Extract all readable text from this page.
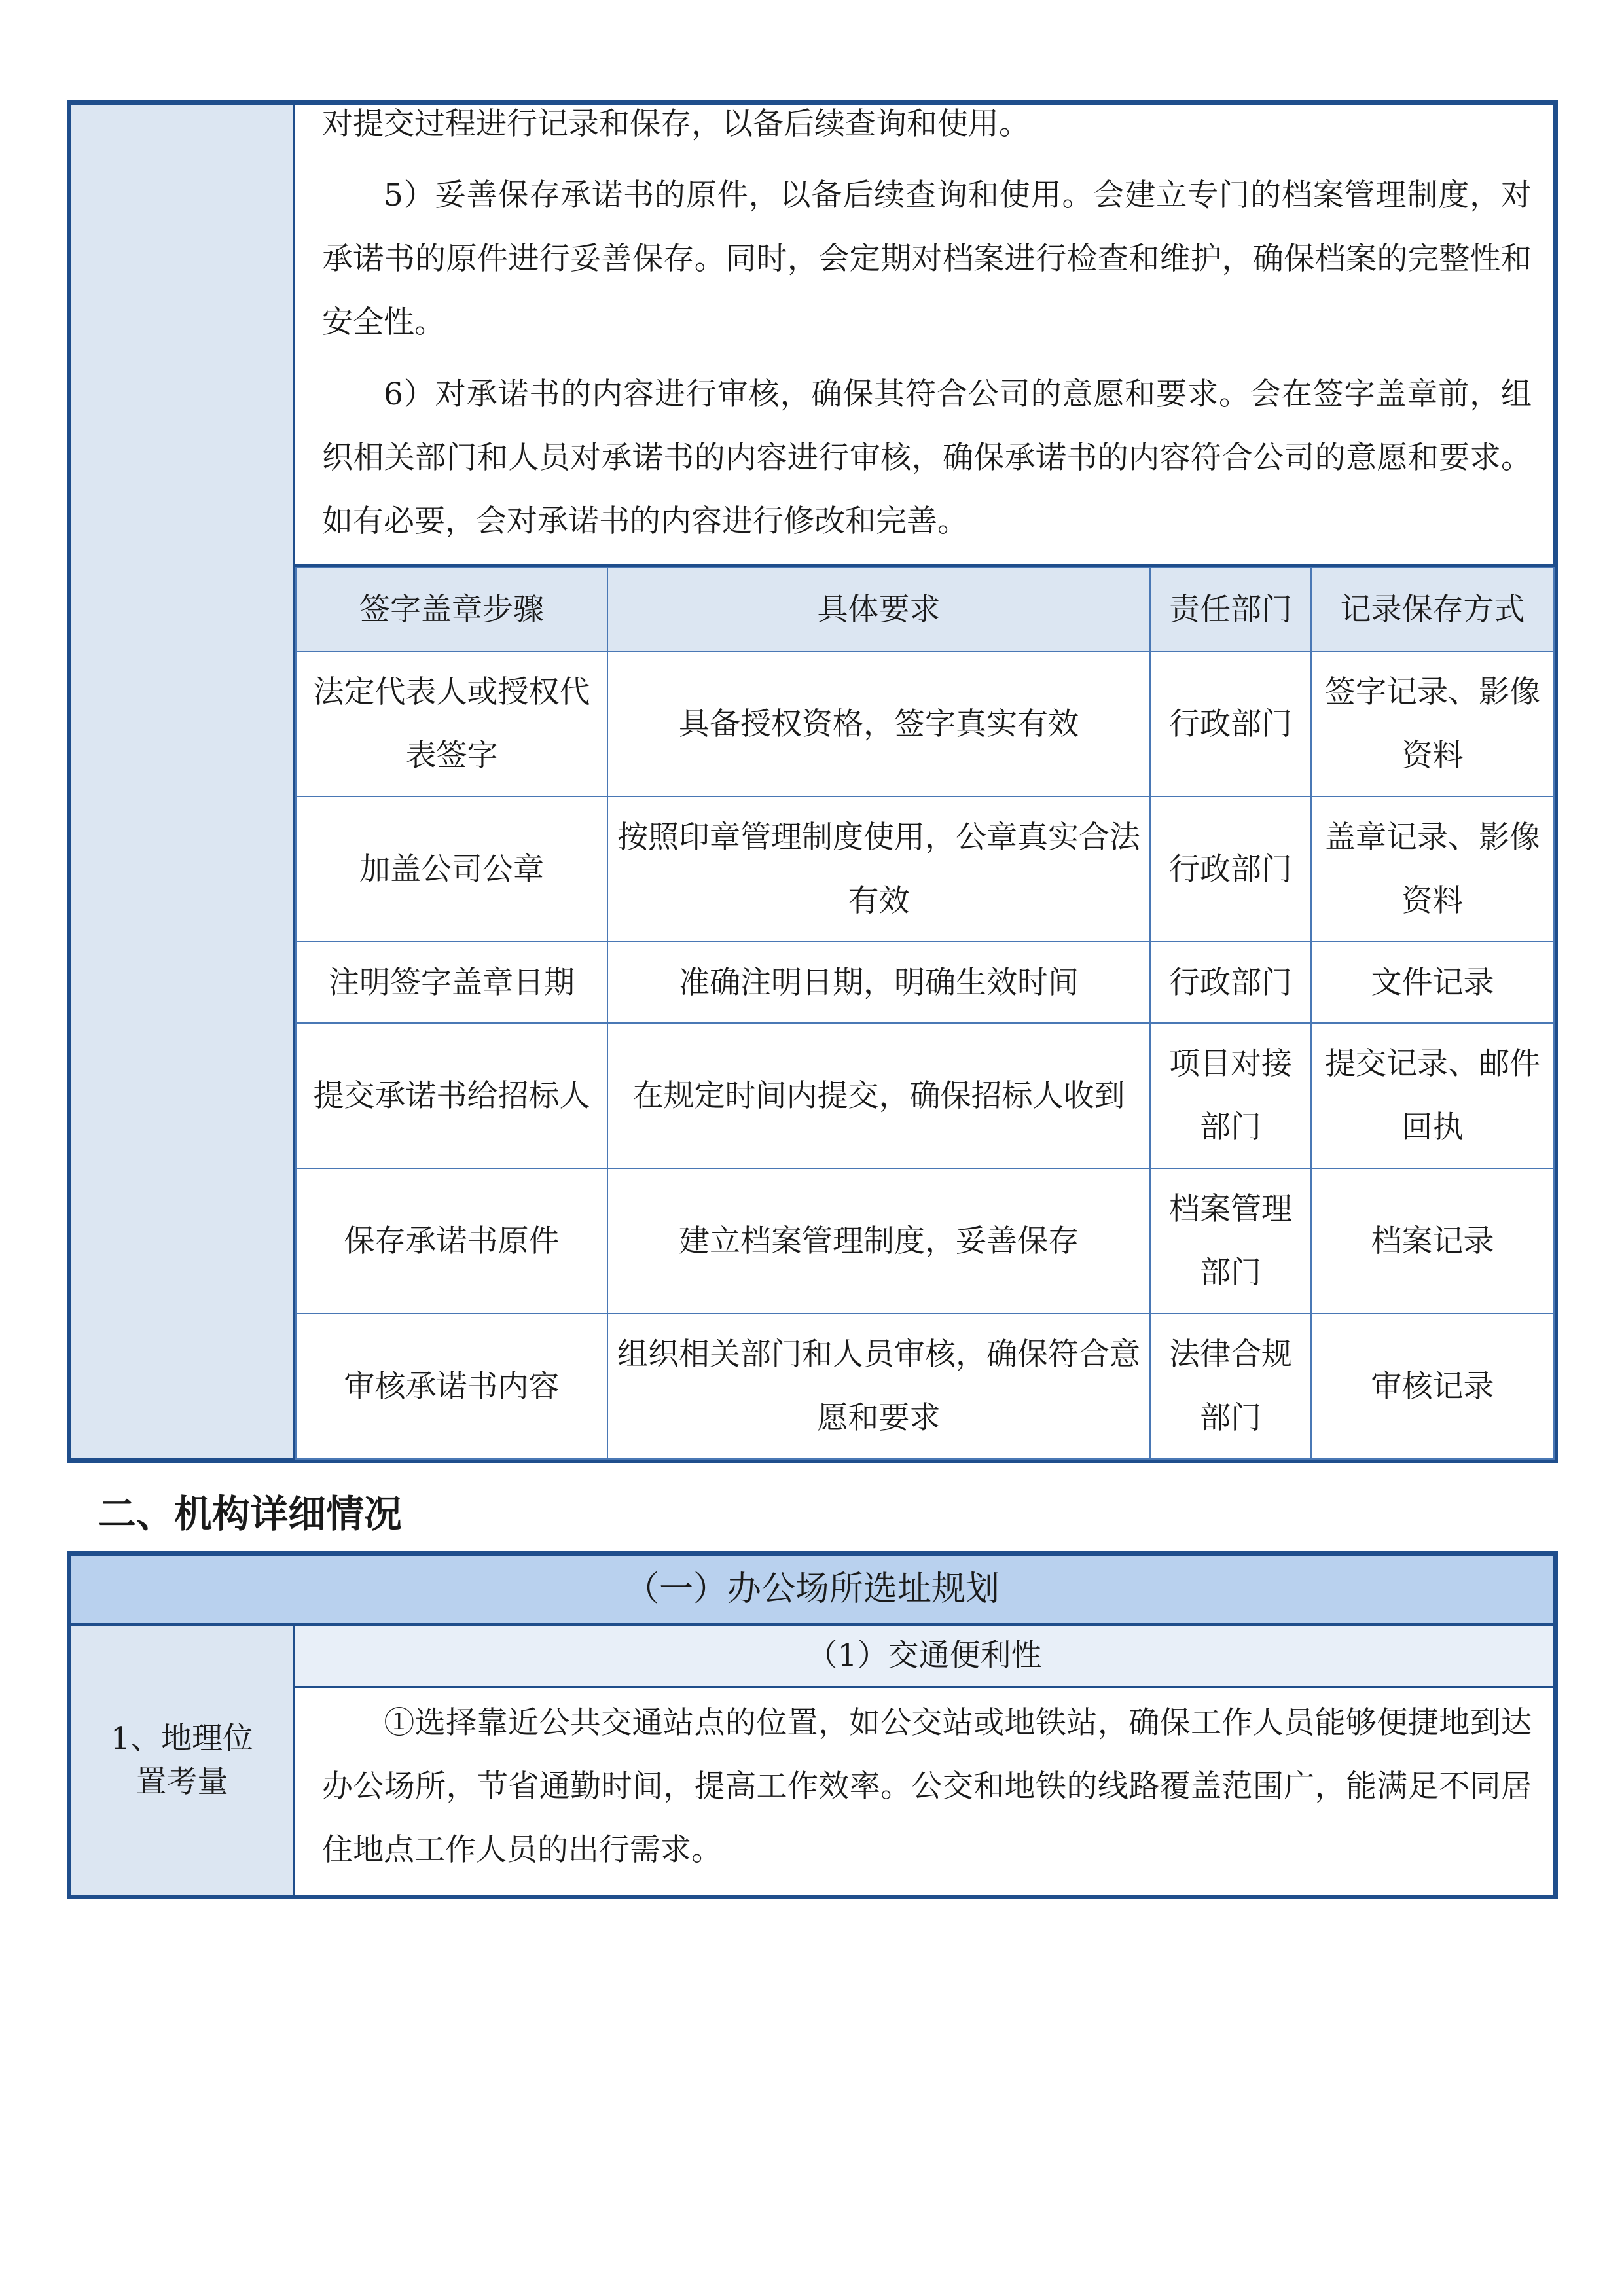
对提交过程进行记录和保存，以备后续查询和使用。
5）妥善保存承诺书的原件，以备后续查询和使用。会建立专门的档案管理制度，对承诺书的原件进行妥善保存。同时，会定期对档案进行检查和维护，确保档案的完整性和安全性。
6）对承诺书的内容进行审核，确保其符合公司的意愿和要求。会在签字盖章前，组织相关部门和人员对承诺书的内容进行审核，确保承诺书的内容符合公司的意愿和要求。如有必要，会对承诺书的内容进行修改和完善。
签字盖章步骤	具体要求	责任部门	记录保存方式
法定代表人或授权代表签字	具备授权资格，签字真实有效	行政部门	签字记录、影像资料
加盖公司公章	按照印章管理制度使用，公章真实合法有效	行政部门	盖章记录、影像资料
注明签字盖章日期	准确注明日期，明确生效时间	行政部门	文件记录
提交承诺书给招标人	在规定时间内提交，确保招标人收到	项目对接部门	提交记录、邮件回执
保存承诺书原件	建立档案管理制度，妥善保存	档案管理部门	档案记录
审核承诺书内容	组织相关部门和人员审核，确保符合意愿和要求	法律合规部门	审核记录
二、机构详细情况
（一）办公场所选址规划
1、地理位置考量
（1）交通便利性
①选择靠近公共交通站点的位置，如公交站或地铁站，确保工作人员能够便捷地到达办公场所，节省通勤时间，提高工作效率。公交和地铁的线路覆盖范围广，能满足不同居住地点工作人员的出行需求。
